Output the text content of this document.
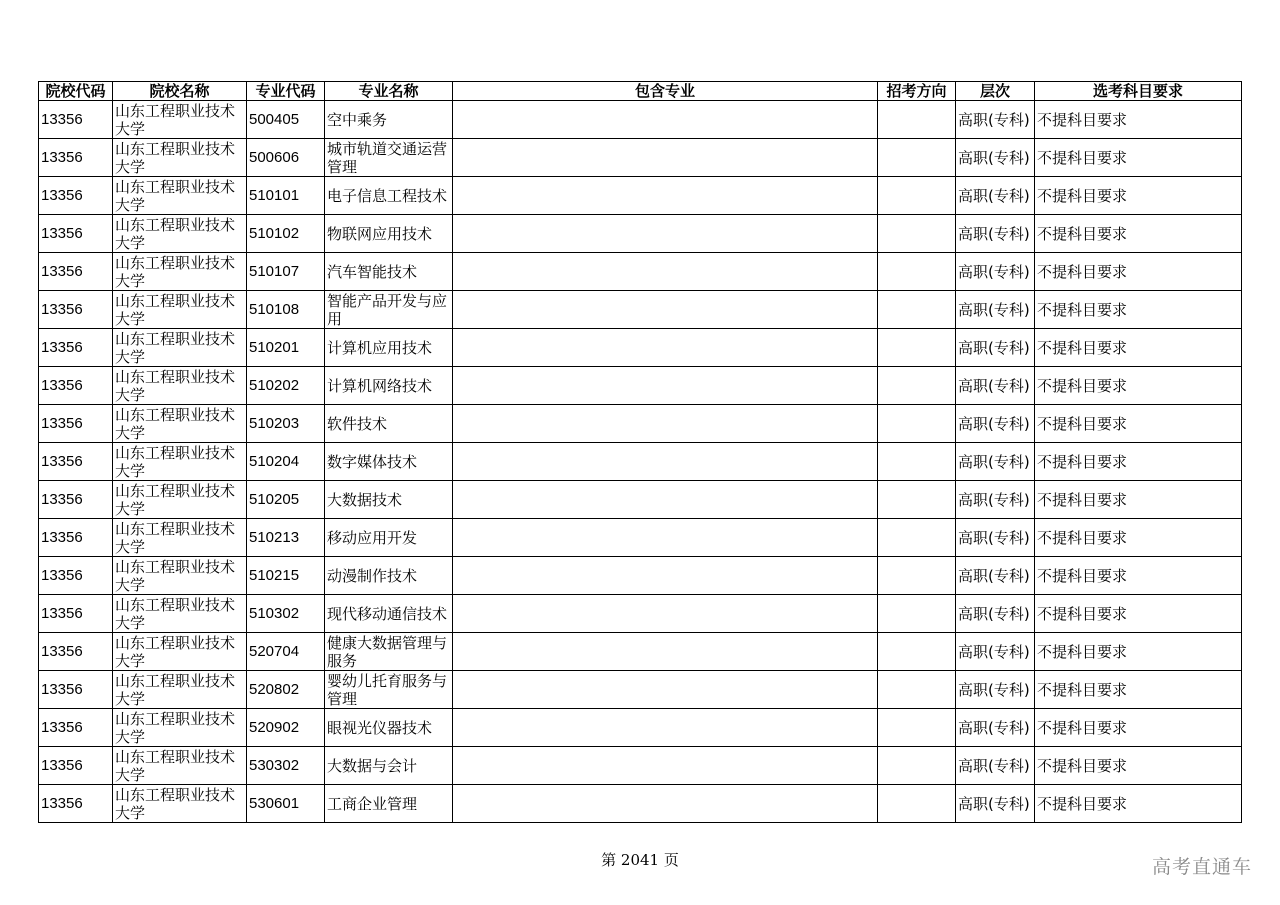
院校代码	院校名称	专业代码	专业名称	包含专业	招考方向	层次	选考科目要求
13356	山东工程职业技术大学	500405	空中乘务			高职(专科)	不提科目要求
13356	山东工程职业技术大学	500606	城市轨道交通运营管理			高职(专科)	不提科目要求
13356	山东工程职业技术大学	510101	电子信息工程技术			高职(专科)	不提科目要求
13356	山东工程职业技术大学	510102	物联网应用技术			高职(专科)	不提科目要求
13356	山东工程职业技术大学	510107	汽车智能技术			高职(专科)	不提科目要求
13356	山东工程职业技术大学	510108	智能产品开发与应用			高职(专科)	不提科目要求
13356	山东工程职业技术大学	510201	计算机应用技术			高职(专科)	不提科目要求
13356	山东工程职业技术大学	510202	计算机网络技术			高职(专科)	不提科目要求
13356	山东工程职业技术大学	510203	软件技术			高职(专科)	不提科目要求
13356	山东工程职业技术大学	510204	数字媒体技术			高职(专科)	不提科目要求
13356	山东工程职业技术大学	510205	大数据技术			高职(专科)	不提科目要求
13356	山东工程职业技术大学	510213	移动应用开发			高职(专科)	不提科目要求
13356	山东工程职业技术大学	510215	动漫制作技术			高职(专科)	不提科目要求
13356	山东工程职业技术大学	510302	现代移动通信技术			高职(专科)	不提科目要求
13356	山东工程职业技术大学	520704	健康大数据管理与服务			高职(专科)	不提科目要求
13356	山东工程职业技术大学	520802	婴幼儿托育服务与管理			高职(专科)	不提科目要求
13356	山东工程职业技术大学	520902	眼视光仪器技术			高职(专科)	不提科目要求
13356	山东工程职业技术大学	530302	大数据与会计			高职(专科)	不提科目要求
13356	山东工程职业技术大学	530601	工商企业管理			高职(专科)	不提科目要求
第 2041 页	高考直通车
